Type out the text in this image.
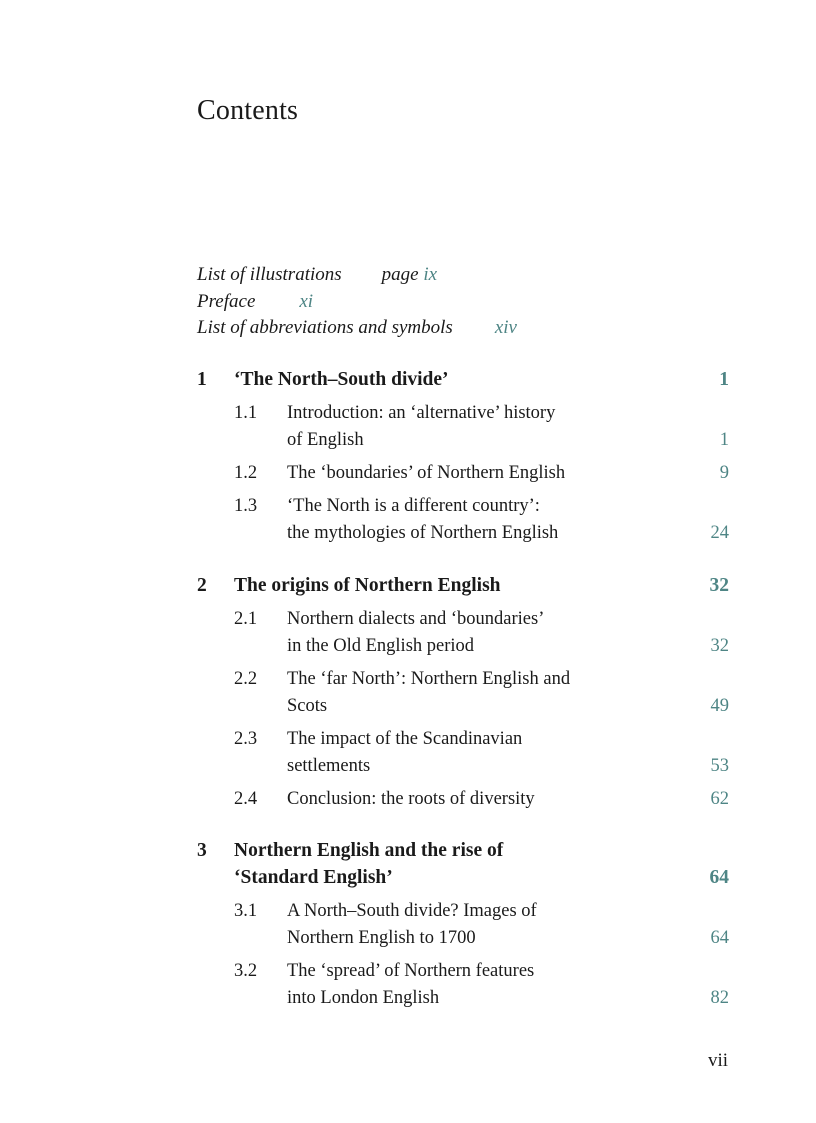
Contents
List of illustrations page ix
Preface xi
List of abbreviations and symbols xiv
1 ‘The North–South divide’	1
1.1 Introduction: an ‘alternative’ history
of English	1
1.2 The ‘boundaries’ of Northern English	9
1.3 ‘The North is a different country’:
the mythologies of Northern English	24
2 The origins of Northern English	32
2.1 Northern dialects and ‘boundaries’
in the Old English period	32
2.2 The ‘far North’: Northern English and
Scots	49
2.3 The impact of the Scandinavian
settlements	53
2.4 Conclusion: the roots of diversity	62
3 Northern English and the rise of
‘Standard English’	64
3.1 A North–South divide? Images of
Northern English to 1700	64
3.2 The ‘spread’ of Northern features
into London English	82
vii
